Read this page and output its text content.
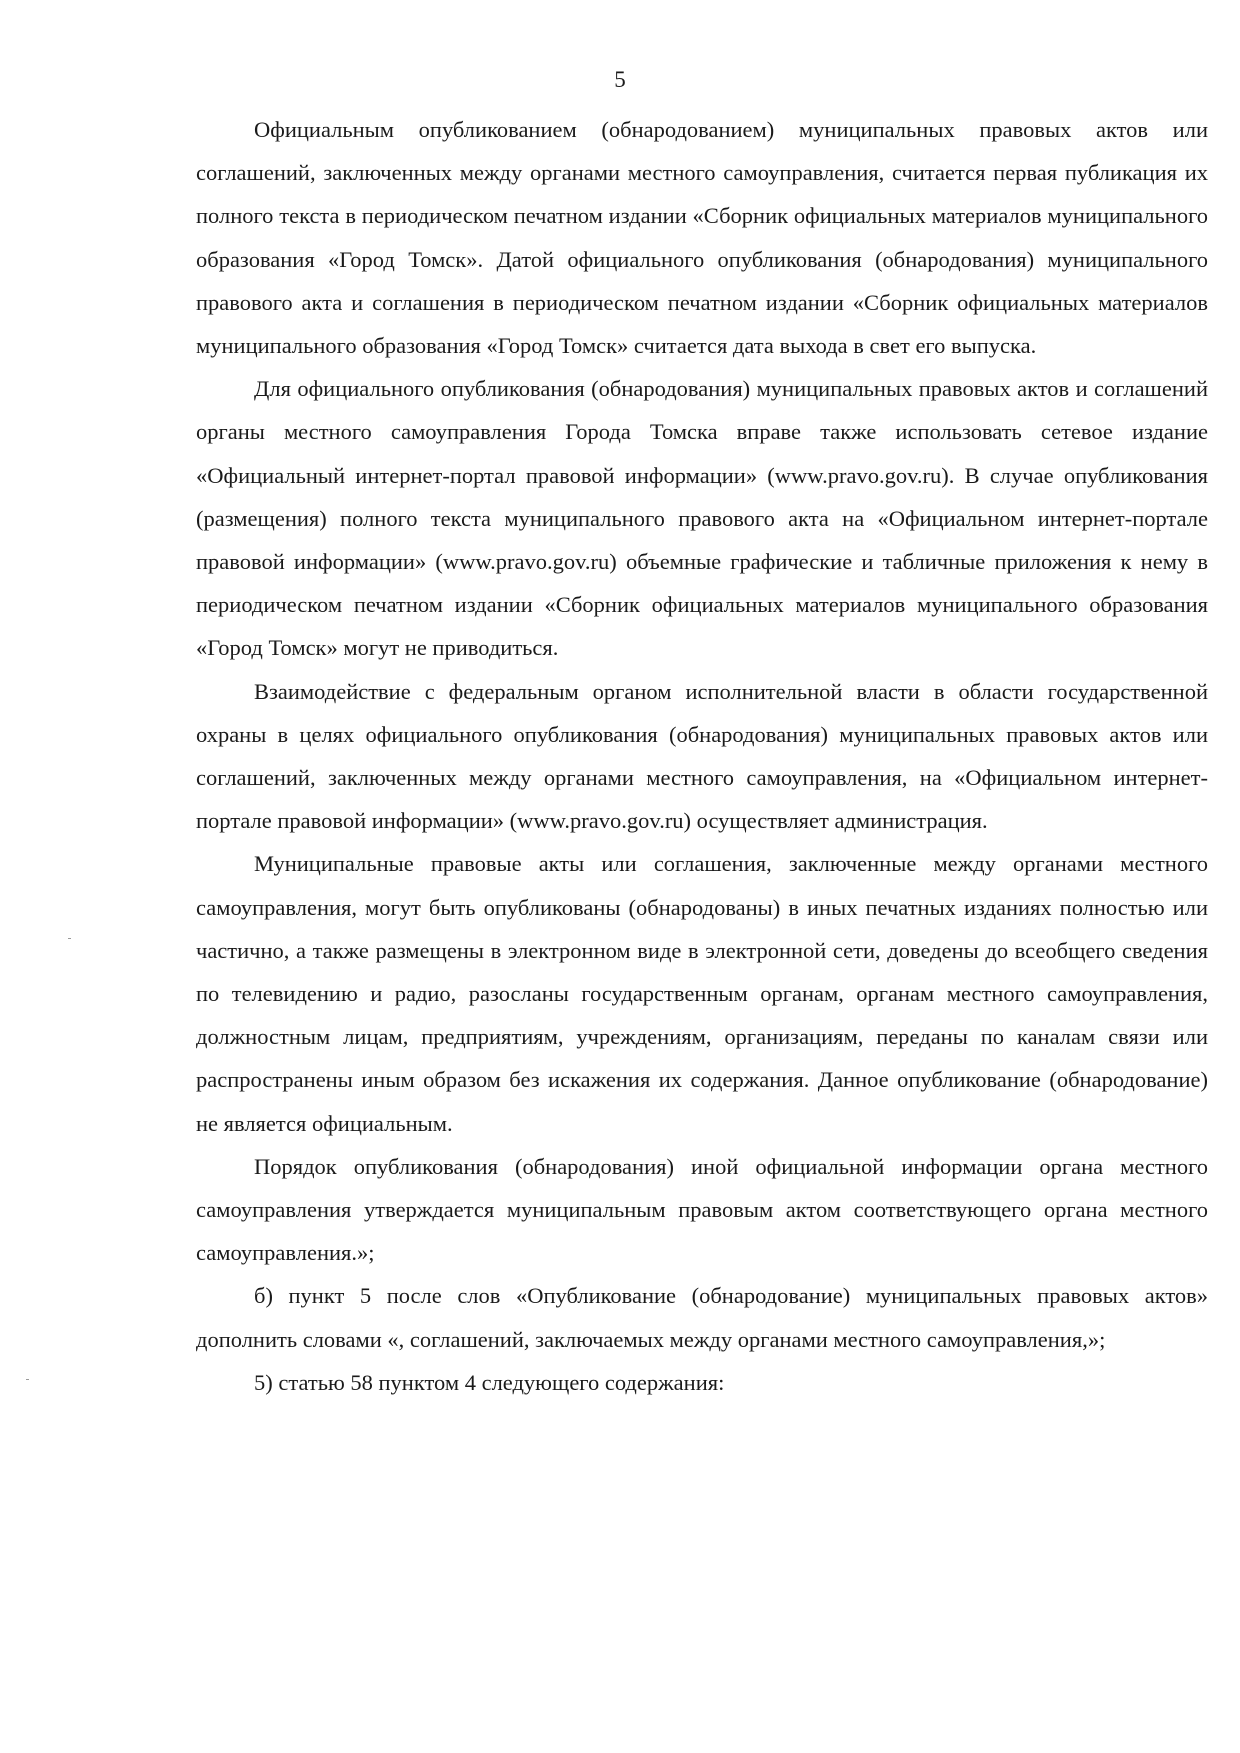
5

Официальным опубликованием (обнародованием) муниципальных правовых актов или соглашений, заключенных между органами местного самоуправления, считается первая публикация их полного текста в периодическом печатном издании «Сборник официальных материалов муниципального образования «Город Томск». Датой официального опубликования (обнародования) муниципального правового акта и соглашения в периодическом печатном издании «Сборник официальных материалов муниципального образования «Город Томск» считается дата выхода в свет его выпуска.

Для официального опубликования (обнародования) муниципальных правовых актов и соглашений органы местного самоуправления Города Томска вправе также использовать сетевое издание «Официальный интернет-портал правовой информации» (www.pravo.gov.ru). В случае опубликования (размещения) полного текста муниципального правового акта на «Официальном интернет-портале правовой информации» (www.pravo.gov.ru) объемные графические и табличные приложения к нему в периодическом печатном издании «Сборник официальных материалов муниципального образования «Город Томск» могут не приводиться.

Взаимодействие с федеральным органом исполнительной власти в области государственной охраны в целях официального опубликования (обнародования) муниципальных правовых актов или соглашений, заключенных между органами местного самоуправления, на «Официальном интернет-портале правовой информации» (www.pravo.gov.ru) осуществляет администрация.

Муниципальные правовые акты или соглашения, заключенные между органами местного самоуправления, могут быть опубликованы (обнародованы) в иных печатных изданиях полностью или частично, а также размещены в электронном виде в электронной сети, доведены до всеобщего сведения по телевидению и радио, разосланы государственным органам, органам местного самоуправления, должностным лицам, предприятиям, учреждениям, организациям, переданы по каналам связи или распространены иным образом без искажения их содержания. Данное опубликование (обнародование) не является официальным.

Порядок опубликования (обнародования) иной официальной информации органа местного самоуправления утверждается муниципальным правовым актом соответствующего органа местного самоуправления.»;

б) пункт 5 после слов «Опубликование (обнародование) муниципальных правовых актов» дополнить словами «, соглашений, заключаемых между органами местного самоуправления,»;

5) статью 58 пунктом 4 следующего содержания:
